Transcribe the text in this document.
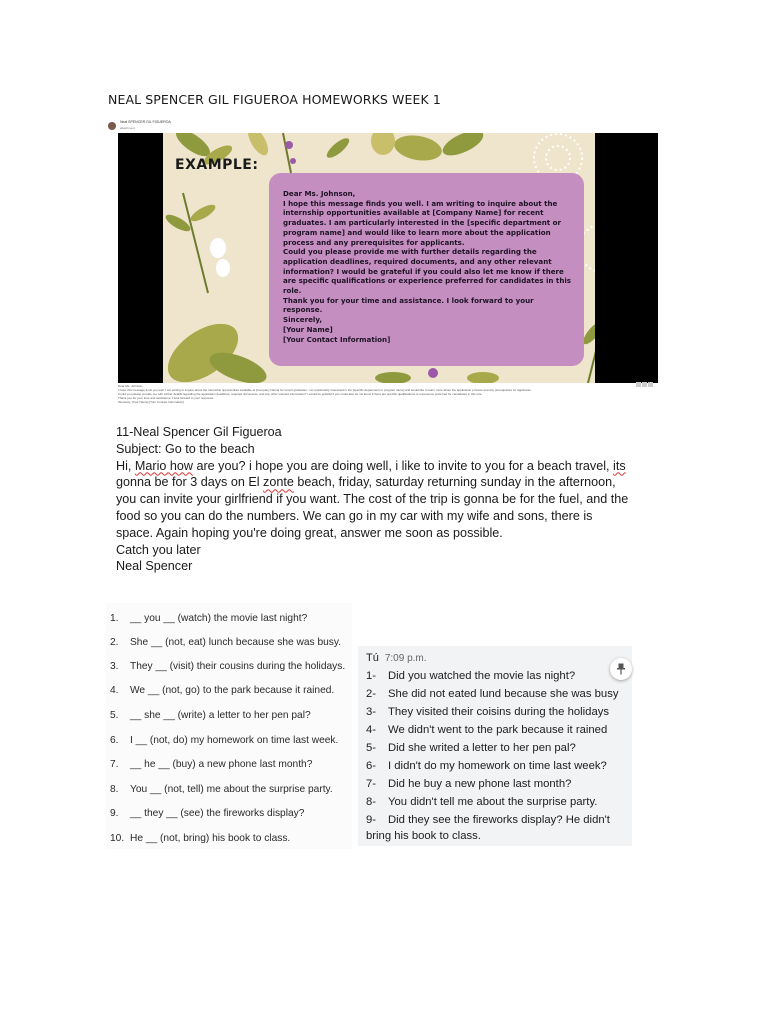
NEAL SPENCER GIL FIGUEROA HOMEWORKS WEEK 1
Neal SPENCER GIL FIGUEROA
attachment
EXAMPLE:
Dear Ms. Johnson,
I hope this message finds you well. I am writing to inquire about the internship opportunities available at [Company Name] for recent graduates. I am particularly interested in the [specific department or program name] and would like to learn more about the application process and any prerequisites for applicants.
Could you please provide me with further details regarding the application deadlines, required documents, and any other relevant information? I would be grateful if you could also let me know if there are specific qualifications or experience preferred for candidates in this role.
Thank you for your time and assistance. I look forward to your response.
Sincerely,
[Your Name]
[Your Contact Information]
Dear Ms. Johnson,
I hope this message finds you well. I am writing to inquire about the internship opportunities available at [Company Name] for recent graduates. I am particularly interested in the [specific department or program name] and would like to learn more about the application process and any prerequisites for applicants.
Could you please provide me with further details regarding the application deadlines, required documents, and any other relevant information? I would be grateful if you could also let me know if there are specific qualifications or experience preferred for candidates in this role.
Thank you for your time and assistance. I look forward to your response.
Sincerely, [Your Name] [Your Contact Information]
11-Neal Spencer Gil Figueroa
Subject: Go to the beach
Hi, Mario how are you? i hope you are doing well, i like to invite to you for a beach travel, its
gonna be for 3 days on El zonte beach, friday, saturday returning sunday in the afternoon,
you can invite your girlfriend if you want. The cost of the trip is gonna be for the fuel, and the
food so you can do the numbers. We can go in my car with my wife and sons, there is
space. Again hoping you're doing great, answer me soon as possible.
Catch you later
Neal Spencer
1. __ you __ (watch) the movie last night?
2. She __ (not, eat) lunch because she was busy.
3. They __ (visit) their cousins during the holidays.
4. We __ (not, go) to the park because it rained.
5. __ she __ (write) a letter to her pen pal?
6. I __ (not, do) my homework on time last week.
7. __ he __ (buy) a new phone last month?
8. You __ (not, tell) me about the surprise party.
9. __ they __ (see) the fireworks display?
10. He __ (not, bring) his book to class.
Tú 7:09 p.m.
1- Did you watched the movie las night?
2- She did not eated lund because she was busy
3- They visited their coisins during the holidays
4- We didn't went to the park because it rained
5- Did she writed a letter to her pen pal?
6- I didn't do my homework on time last week?
7- Did he buy a new phone last month?
8- You didn't tell me about the surprise party.
9- Did they see the fireworks display? He didn't
bring his book to class.
